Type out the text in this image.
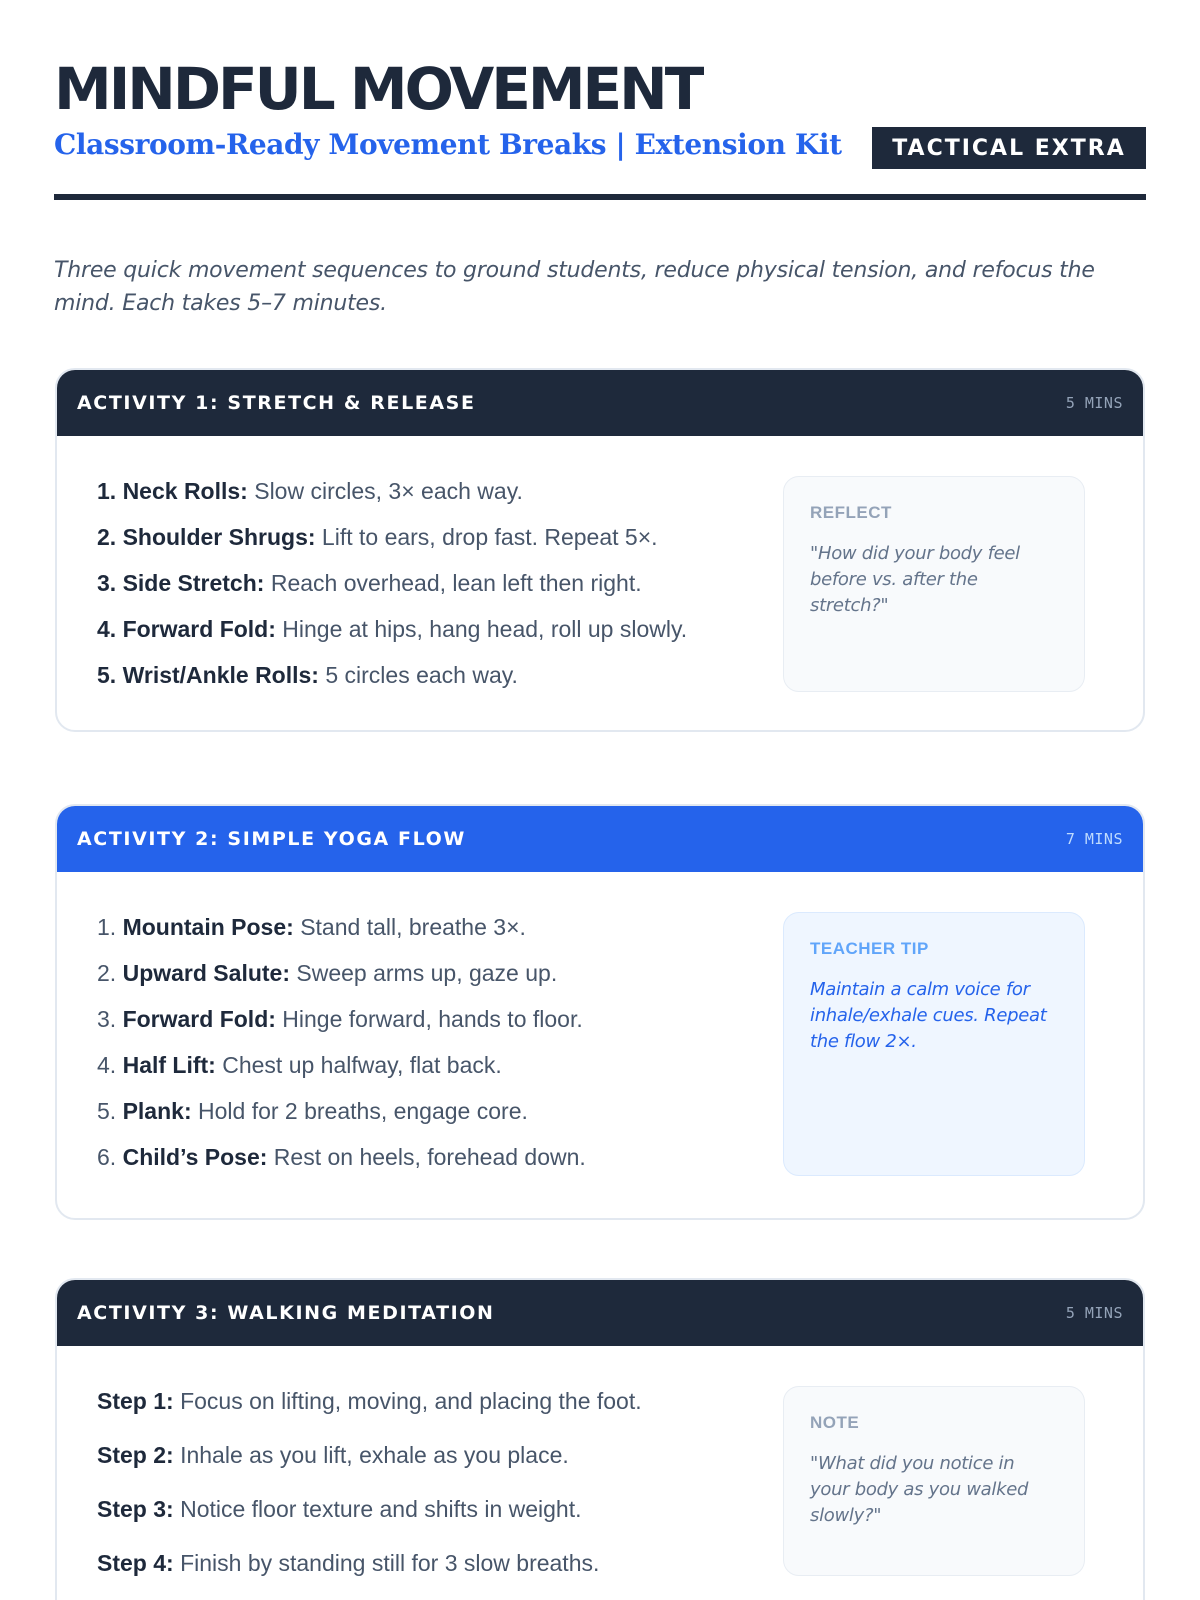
MINDFUL MOVEMENT
Classroom-Ready Movement Breaks | Extension Kit	TACTICAL EXTRA
Three quick movement sequences to ground students, reduce physical tension, and refocus the mind. Each takes 5–7 minutes.
ACTIVITY 1: STRETCH & RELEASE	5 MINS
1. Neck Rolls: Slow circles, 3× each way.
2. Shoulder Shrugs: Lift to ears, drop fast. Repeat 5×.
3. Side Stretch: Reach overhead, lean left then right.
4. Forward Fold: Hinge at hips, hang head, roll up slowly.
5. Wrist/Ankle Rolls: 5 circles each way.
REFLECT
"How did your body feel before vs. after the stretch?"
ACTIVITY 2: SIMPLE YOGA FLOW	7 MINS
1. Mountain Pose: Stand tall, breathe 3×.
2. Upward Salute: Sweep arms up, gaze up.
3. Forward Fold: Hinge forward, hands to floor.
4. Half Lift: Chest up halfway, flat back.
5. Plank: Hold for 2 breaths, engage core.
6. Child’s Pose: Rest on heels, forehead down.
TEACHER TIP
Maintain a calm voice for inhale/exhale cues. Repeat the flow 2×.
ACTIVITY 3: WALKING MEDITATION	5 MINS
Step 1: Focus on lifting, moving, and placing the foot.
Step 2: Inhale as you lift, exhale as you place.
Step 3: Notice floor texture and shifts in weight.
Step 4: Finish by standing still for 3 slow breaths.
NOTE
"What did you notice in your body as you walked slowly?"
